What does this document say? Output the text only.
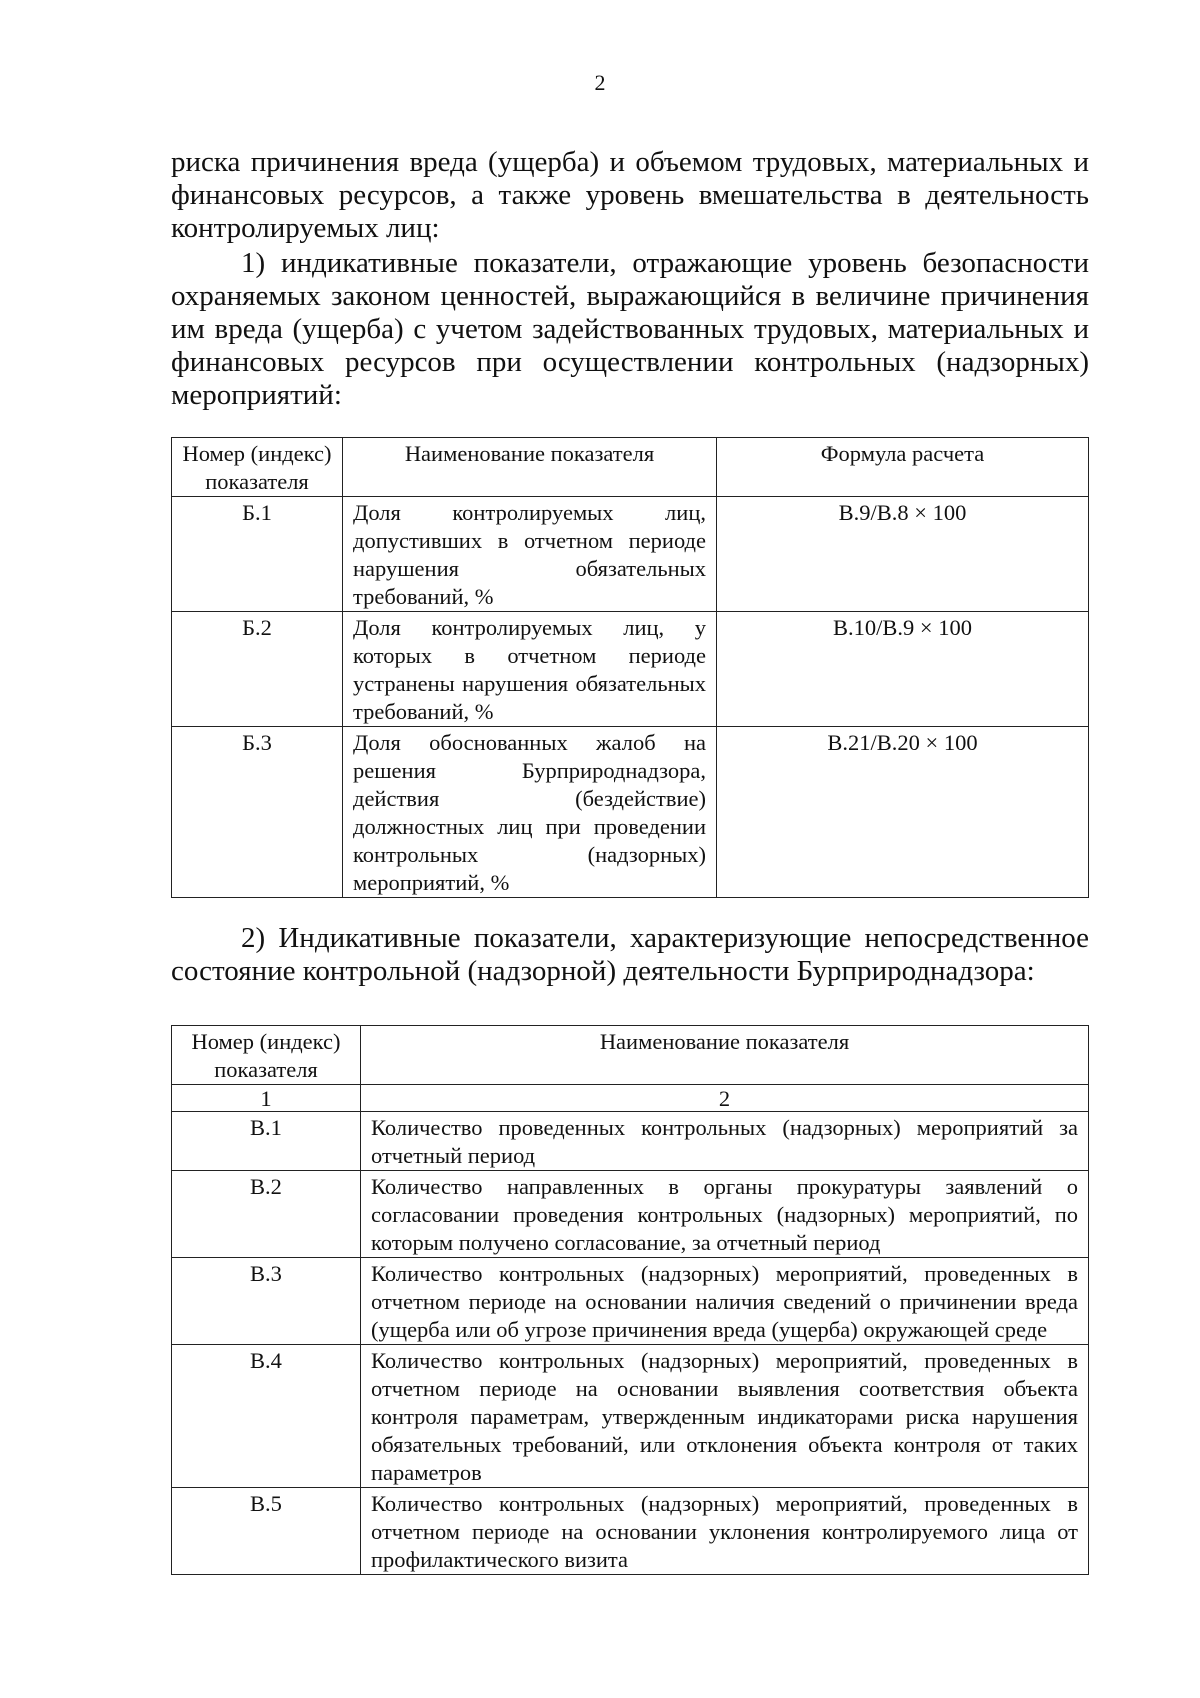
2

риска причинения вреда (ущерба) и объемом трудовых, материальных и финансовых ресурсов, а также уровень вмешательства в деятельность контролируемых лиц:

1) индикативные показатели, отражающие уровень безопасности охраняемых законом ценностей, выражающийся в величине причинения им вреда (ущерба) с учетом задействованных трудовых, материальных и финансовых ресурсов при осуществлении контрольных (надзорных) мероприятий:

Номер (индекс) показателя	Наименование показателя	Формула расчета
Б.1	Доля контролируемых лиц, допустивших в отчетном периоде нарушения обязательных требований, %	В.9/В.8 × 100
Б.2	Доля контролируемых лиц, у которых в отчетном периоде устранены нарушения обязательных требований, %	В.10/В.9 × 100
Б.3	Доля обоснованных жалоб на решения Бурприроднадзора, действия (бездействие) должностных лиц при проведении контрольных (надзорных) мероприятий, %	В.21/В.20 × 100

2) Индикативные показатели, характеризующие непосредственное состояние контрольной (надзорной) деятельности Бурприроднадзора:

Номер (индекс) показателя	Наименование показателя
1	2
В.1	Количество проведенных контрольных (надзорных) мероприятий за отчетный период
В.2	Количество направленных в органы прокуратуры заявлений о согласовании проведения контрольных (надзорных) мероприятий, по которым получено согласование, за отчетный период
В.3	Количество контрольных (надзорных) мероприятий, проведенных в отчетном периоде на основании наличия сведений о причинении вреда (ущерба или об угрозе причинения вреда (ущерба) окружающей среде
В.4	Количество контрольных (надзорных) мероприятий, проведенных в отчетном периоде на основании выявления соответствия объекта контроля параметрам, утвержденным индикаторами риска нарушения обязательных требований, или отклонения объекта контроля от таких параметров
В.5	Количество контрольных (надзорных) мероприятий, проведенных в отчетном периоде на основании уклонения контролируемого лица от профилактического визита
